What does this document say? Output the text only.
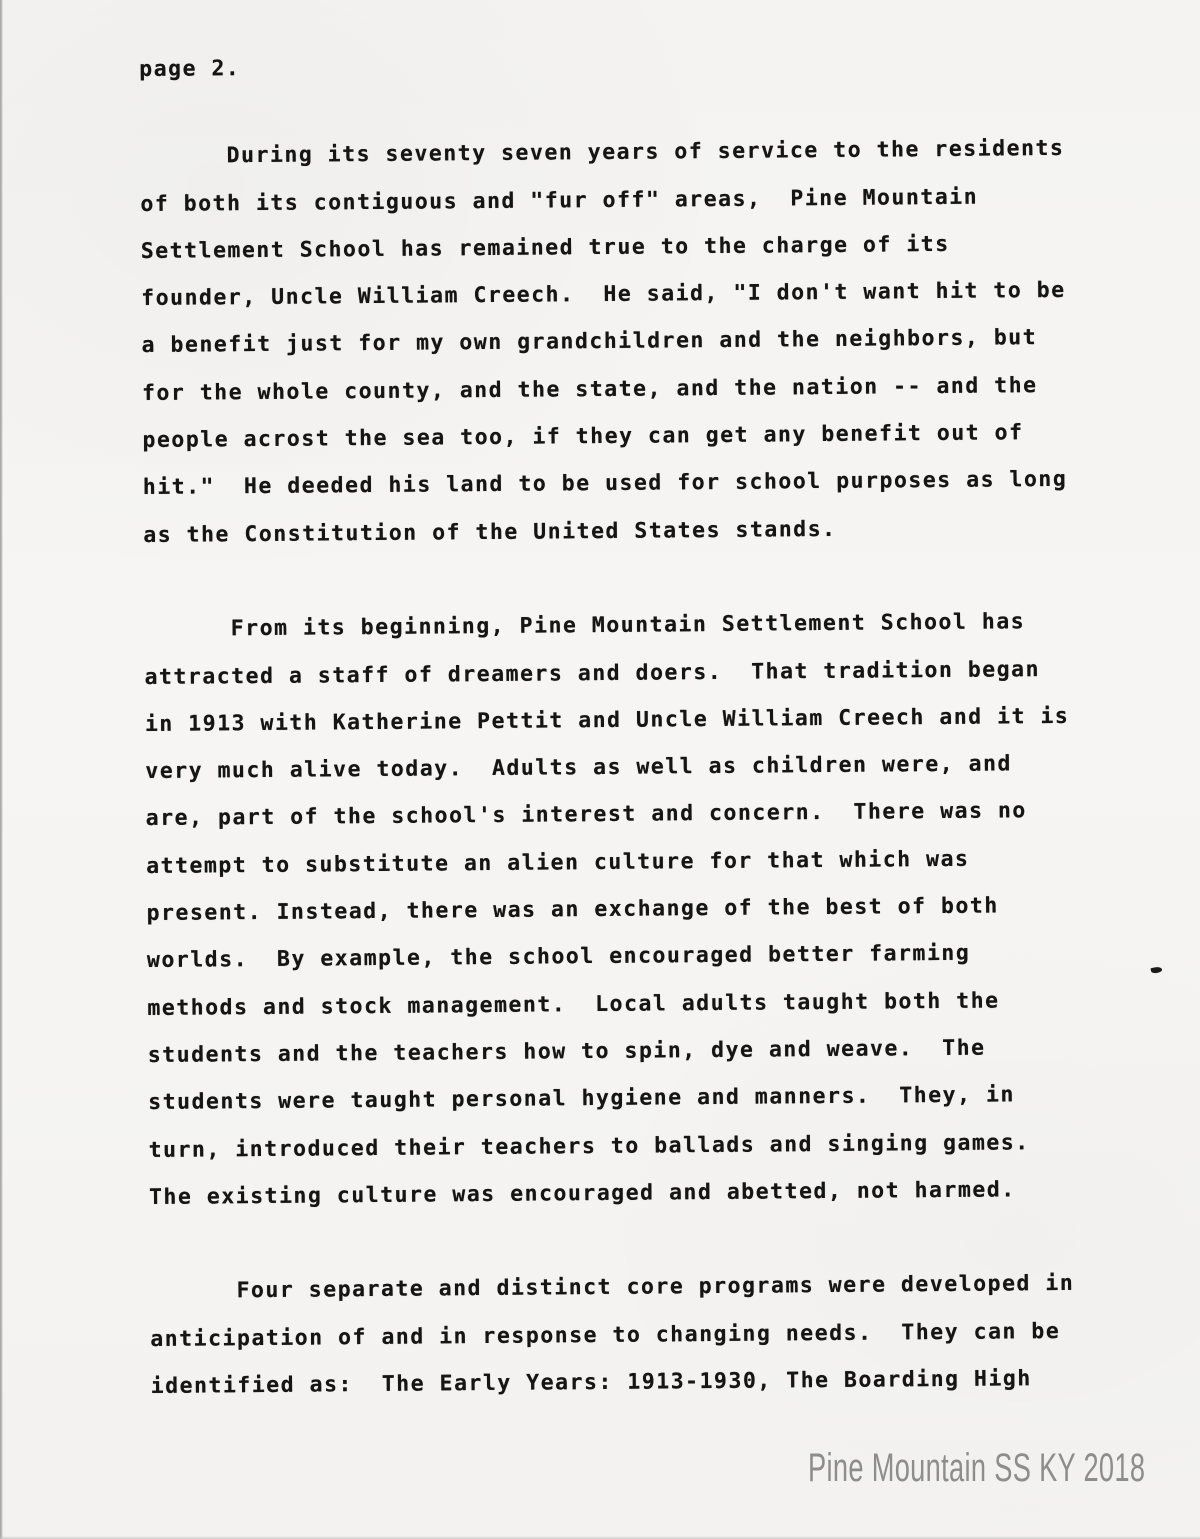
page 2.
During its seventy seven years of service to the residents
of both its contiguous and "fur off" areas,  Pine Mountain
Settlement School has remained true to the charge of its
founder, Uncle William Creech.  He said, "I don't want hit to be
a benefit just for my own grandchildren and the neighbors, but
for the whole county, and the state, and the nation -- and the
people acrost the sea too, if they can get any benefit out of
hit."  He deeded his land to be used for school purposes as long
as the Constitution of the United States stands.
From its beginning, Pine Mountain Settlement School has
attracted a staff of dreamers and doers.  That tradition began
in 1913 with Katherine Pettit and Uncle William Creech and it is
very much alive today.  Adults as well as children were, and
are, part of the school's interest and concern.  There was no
attempt to substitute an alien culture for that which was
present. Instead, there was an exchange of the best of both
worlds.  By example, the school encouraged better farming
methods and stock management.  Local adults taught both the
students and the teachers how to spin, dye and weave.  The
students were taught personal hygiene and manners.  They, in
turn, introduced their teachers to ballads and singing games.
The existing culture was encouraged and abetted, not harmed.
Four separate and distinct core programs were developed in
anticipation of and in response to changing needs.  They can be
identified as:  The Early Years: 1913-1930, The Boarding High
Pine Mountain SS KY 2018
